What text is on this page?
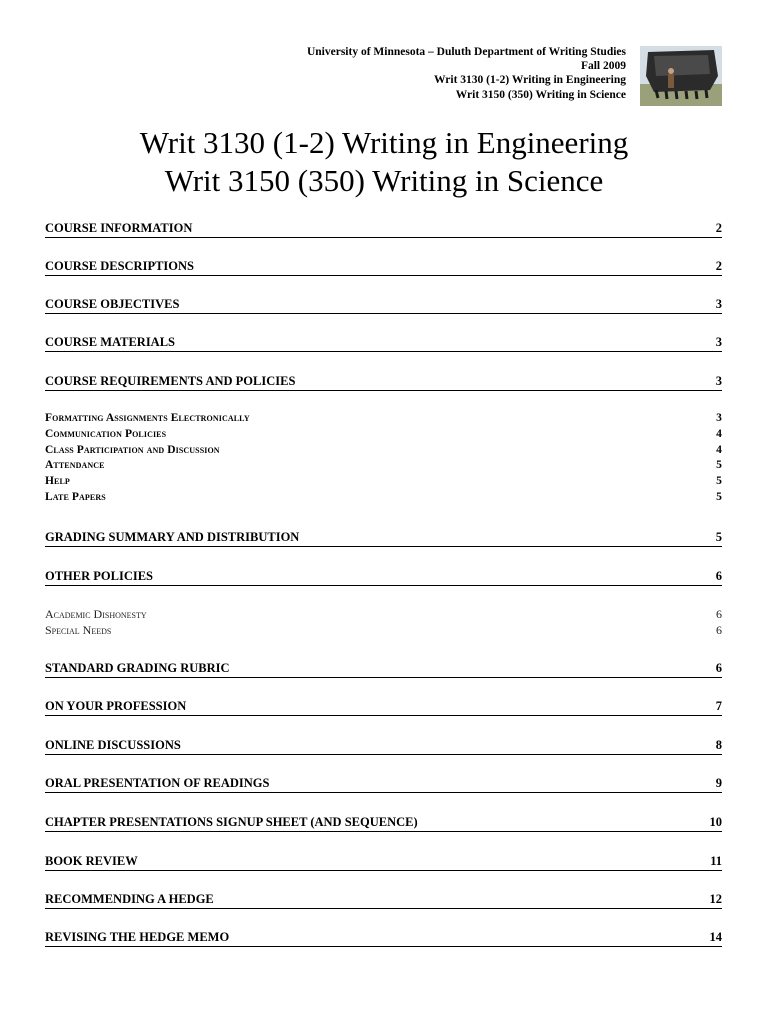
University of Minnesota – Duluth Department of Writing Studies
Fall 2009
Writ 3130 (1-2) Writing in Engineering
Writ 3150 (350) Writing in Science
Writ 3130 (1-2) Writing in Engineering
Writ 3150 (350) Writing in Science
COURSE INFORMATION	2
COURSE DESCRIPTIONS	2
COURSE OBJECTIVES	3
COURSE MATERIALS	3
COURSE REQUIREMENTS AND POLICIES	3
Formatting Assignments Electronically	3
Communication Policies	4
Class Participation and Discussion	4
Attendance	5
Help	5
Late Papers	5
GRADING SUMMARY AND DISTRIBUTION	5
OTHER POLICIES	6
Academic Dishonesty	6
Special Needs	6
STANDARD GRADING RUBRIC	6
ON YOUR PROFESSION	7
ONLINE DISCUSSIONS	8
ORAL PRESENTATION OF READINGS	9
CHAPTER PRESENTATIONS SIGNUP SHEET (AND SEQUENCE)	10
BOOK REVIEW	11
RECOMMENDING A HEDGE	12
REVISING THE HEDGE MEMO	14
